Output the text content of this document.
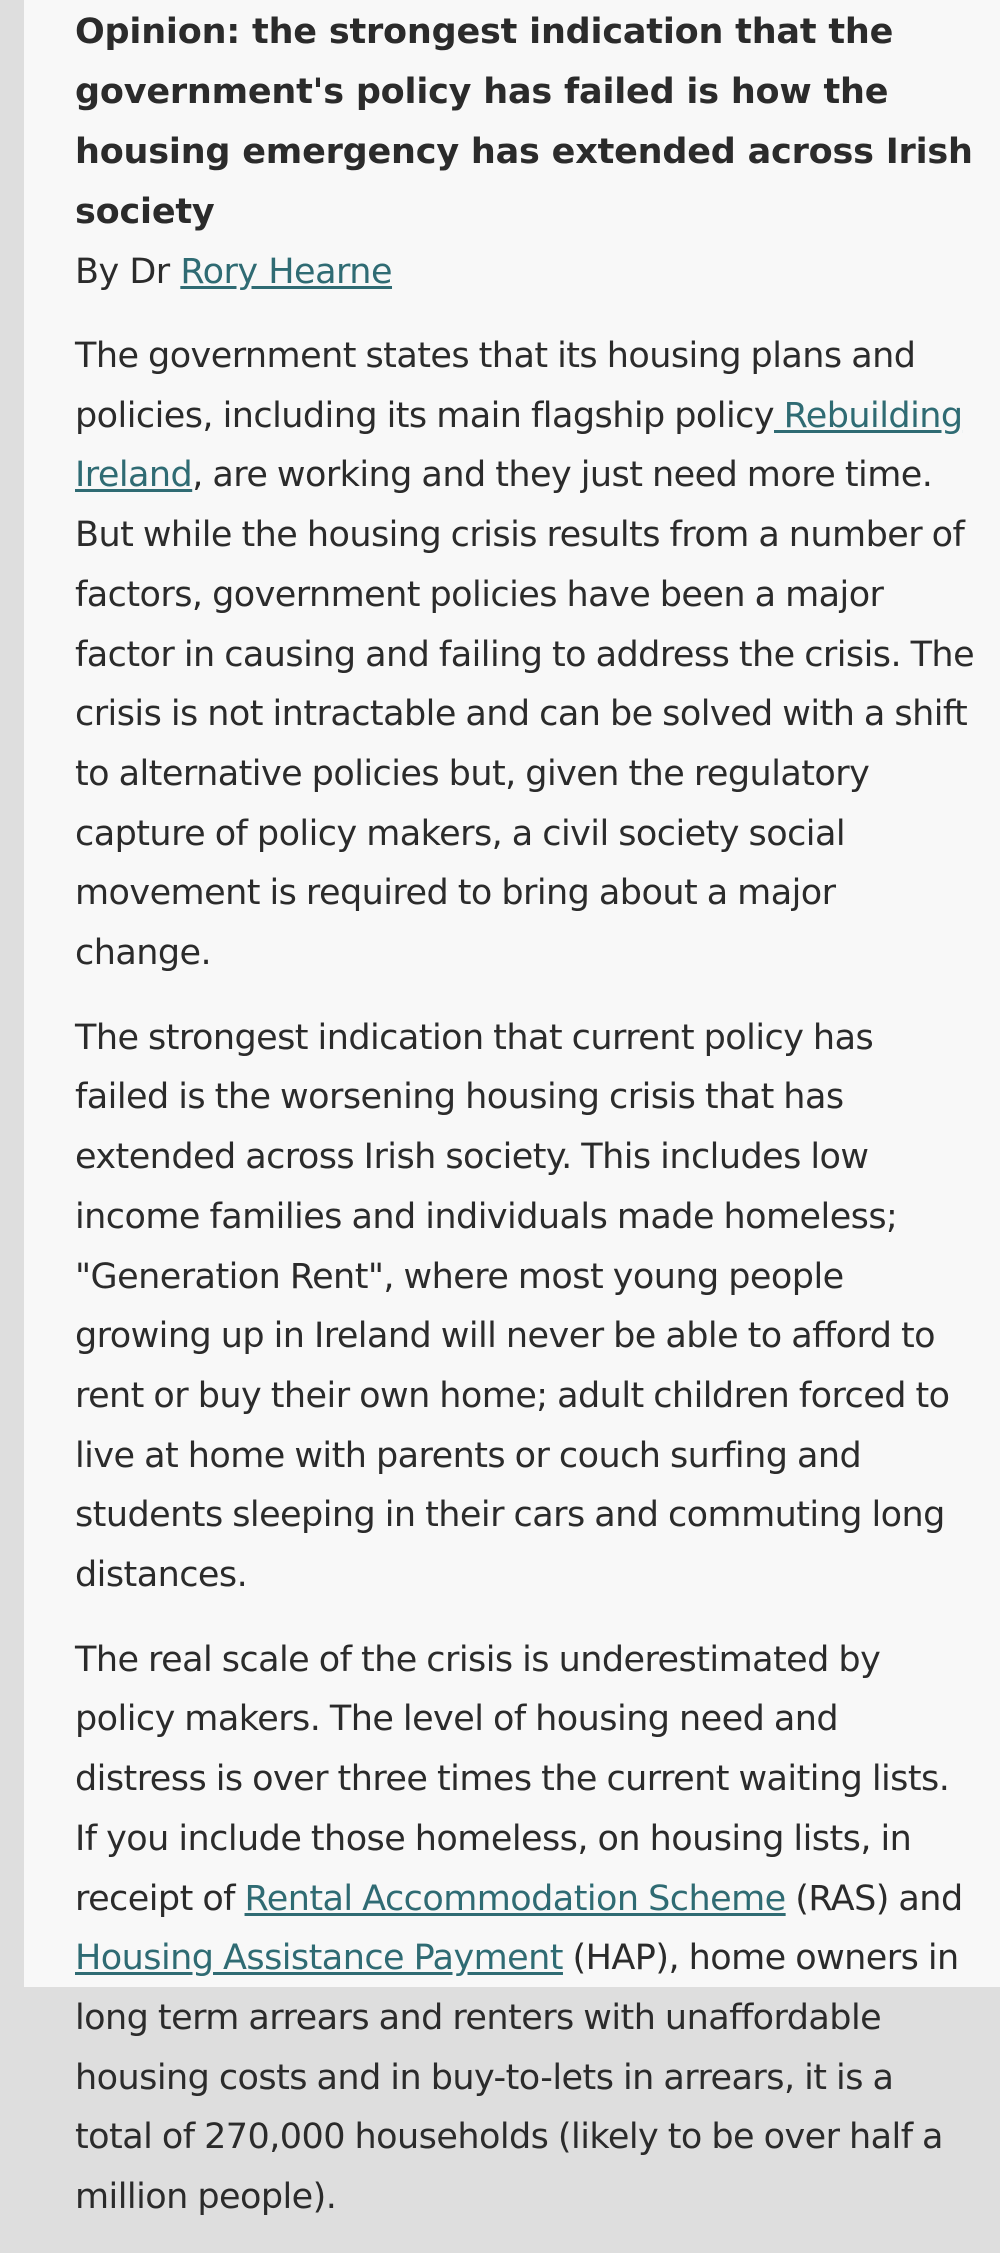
Opinion: the strongest indication that the government's policy has failed is how the housing emergency has extended across Irish society
By Dr Rory Hearne

The government states that its housing plans and policies, including its main flagship policy Rebuilding Ireland, are working and they just need more time. But while the housing crisis results from a number of factors, government policies have been a major factor in causing and failing to address the crisis. The crisis is not intractable and can be solved with a shift to alternative policies but, given the regulatory capture of policy makers, a civil society social movement is required to bring about a major change.

The strongest indication that current policy has failed is the worsening housing crisis that has extended across Irish society. This includes low income families and individuals made homeless; "Generation Rent", where most young people growing up in Ireland will never be able to afford to rent or buy their own home; adult children forced to live at home with parents or couch surfing and students sleeping in their cars and commuting long distances.

The real scale of the crisis is underestimated by policy makers. The level of housing need and distress is over three times the current waiting lists. If you include those homeless, on housing lists, in receipt of Rental Accommodation Scheme (RAS) and Housing Assistance Payment (HAP), home owners in long term arrears and renters with unaffordable housing costs and in buy-to-lets in arrears, it is a total of 270,000 households (likely to be over half a million people).
